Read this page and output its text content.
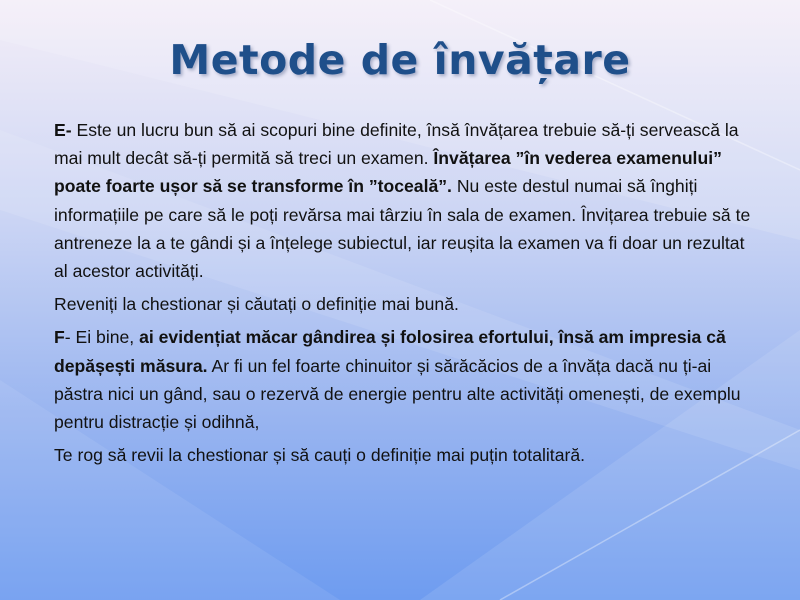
Metode de învățare

E- Este un lucru bun să ai scopuri bine definite, însă învățarea trebuie să-ți servească la mai mult decât să-ți permită să treci un examen. Învățarea ”în vederea examenului” poate foarte ușor să se transforme în ”toceală”. Nu este destul numai să înghiți informațiile pe care să le poți revărsa mai târziu în sala de examen. Învițarea trebuie să te antreneze la a te gândi și a înțelege subiectul, iar reușita la examen va fi doar un rezultat al acestor activități.

Reveniți la chestionar și căutați o definiție mai bună.

F- Ei bine, ai evidențiat măcar gândirea și folosirea efortului, însă am impresia că depășești măsura. Ar fi un fel foarte chinuitor și sărăcăcios de a învăța dacă nu ți-ai păstra nici un gând, sau o rezervă de energie pentru alte activități omenești, de exemplu pentru distracție și odihnă,

Te rog să revii la chestionar și să cauți o definiție mai puțin totalitară.
